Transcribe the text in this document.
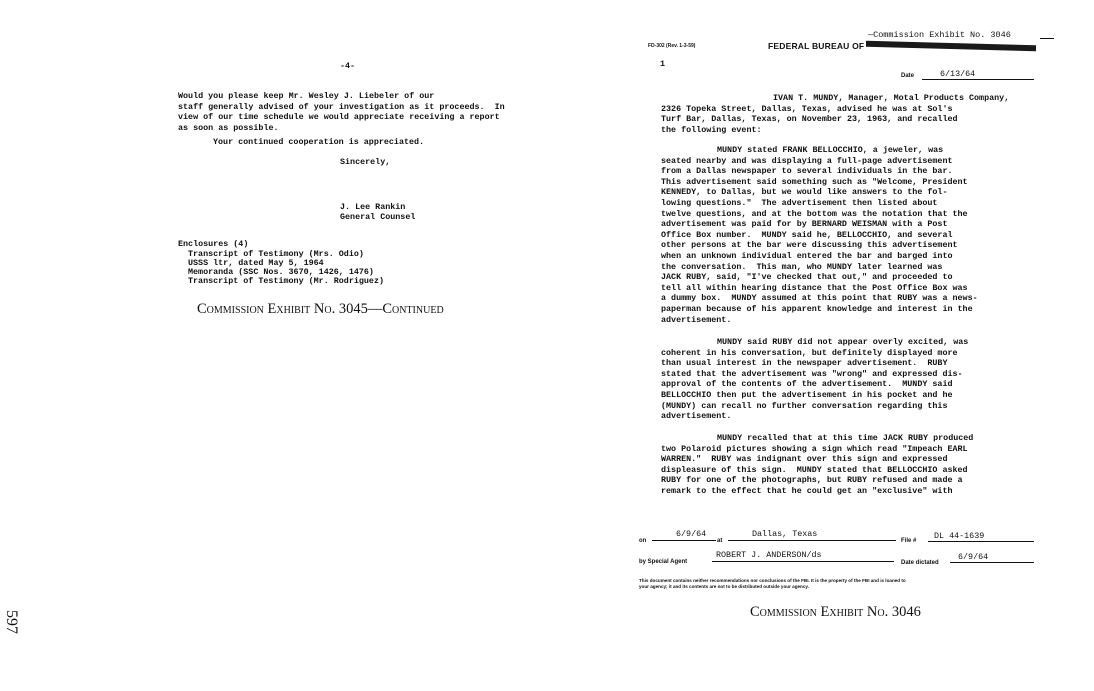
-4-
Would you please keep Mr. Wesley J. Liebeler of our
staff generally advised of your investigation as it proceeds.  In
view of our time schedule we would appreciate receiving a report
as soon as possible.
Your continued cooperation is appreciated.
Sincerely,
J. Lee Rankin
General Counsel
Enclosures (4)
Transcript of Testimony (Mrs. Odio)
USSS ltr, dated May 5, 1964
Memoranda (SSC Nos. 3670, 1426, 1476)
Transcript of Testimony (Mr. Rodriguez)
Commission Exhibit No. 3045—Continued
597
—Commission Exhibit No. 3046
FD-302 (Rev. 1-3-59)	FEDERAL BUREAU OF
1
Date	6/13/64
IVAN T. MUNDY, Manager, Motal Products Company,
2326 Topeka Street, Dallas, Texas, advised he was at Sol's
Turf Bar, Dallas, Texas, on November 23, 1963, and recalled
the following event:
MUNDY stated FRANK BELLOCCHIO, a jeweler, was
seated nearby and was displaying a full-page advertisement
from a Dallas newspaper to several individuals in the bar.
This advertisement said something such as "Welcome, President
KENNEDY, to Dallas, but we would like answers to the fol-
lowing questions."  The advertisement then listed about
twelve questions, and at the bottom was the notation that the
advertisement was paid for by BERNARD WEISMAN with a Post
Office Box number.  MUNDY said he, BELLOCCHIO, and several
other persons at the bar were discussing this advertisement
when an unknown individual entered the bar and barged into
the conversation.  This man, who MUNDY later learned was
JACK RUBY, said, "I've checked that out," and proceeded to
tell all within hearing distance that the Post Office Box was
a dummy box.  MUNDY assumed at this point that RUBY was a news-
paperman because of his apparent knowledge and interest in the
advertisement.
MUNDY said RUBY did not appear overly excited, was
coherent in his conversation, but definitely displayed more
than usual interest in the newspaper advertisement.  RUBY
stated that the advertisement was "wrong" and expressed dis-
approval of the contents of the advertisement.  MUNDY said
BELLOCCHIO then put the advertisement in his pocket and he
(MUNDY) can recall no further conversation regarding this
advertisement.
MUNDY recalled that at this time JACK RUBY produced
two Polaroid pictures showing a sign which read "Impeach EARL
WARREN."  RUBY was indignant over this sign and expressed
displeasure of this sign.  MUNDY stated that BELLOCCHIO asked
RUBY for one of the photographs, but RUBY refused and made a
remark to the effect that he could get an "exclusive" with
on
6/9/64
at
Dallas, Texas
File # DL 44-1639
by Special Agent
ROBERT J. ANDERSON/ds
Date dictated
6/9/64
This document contains neither recommendations nor conclusions of the FBI. It is the property of the FBI and is loaned to
your agency; it and its contents are not to be distributed outside your agency.
Commission Exhibit No. 3046
